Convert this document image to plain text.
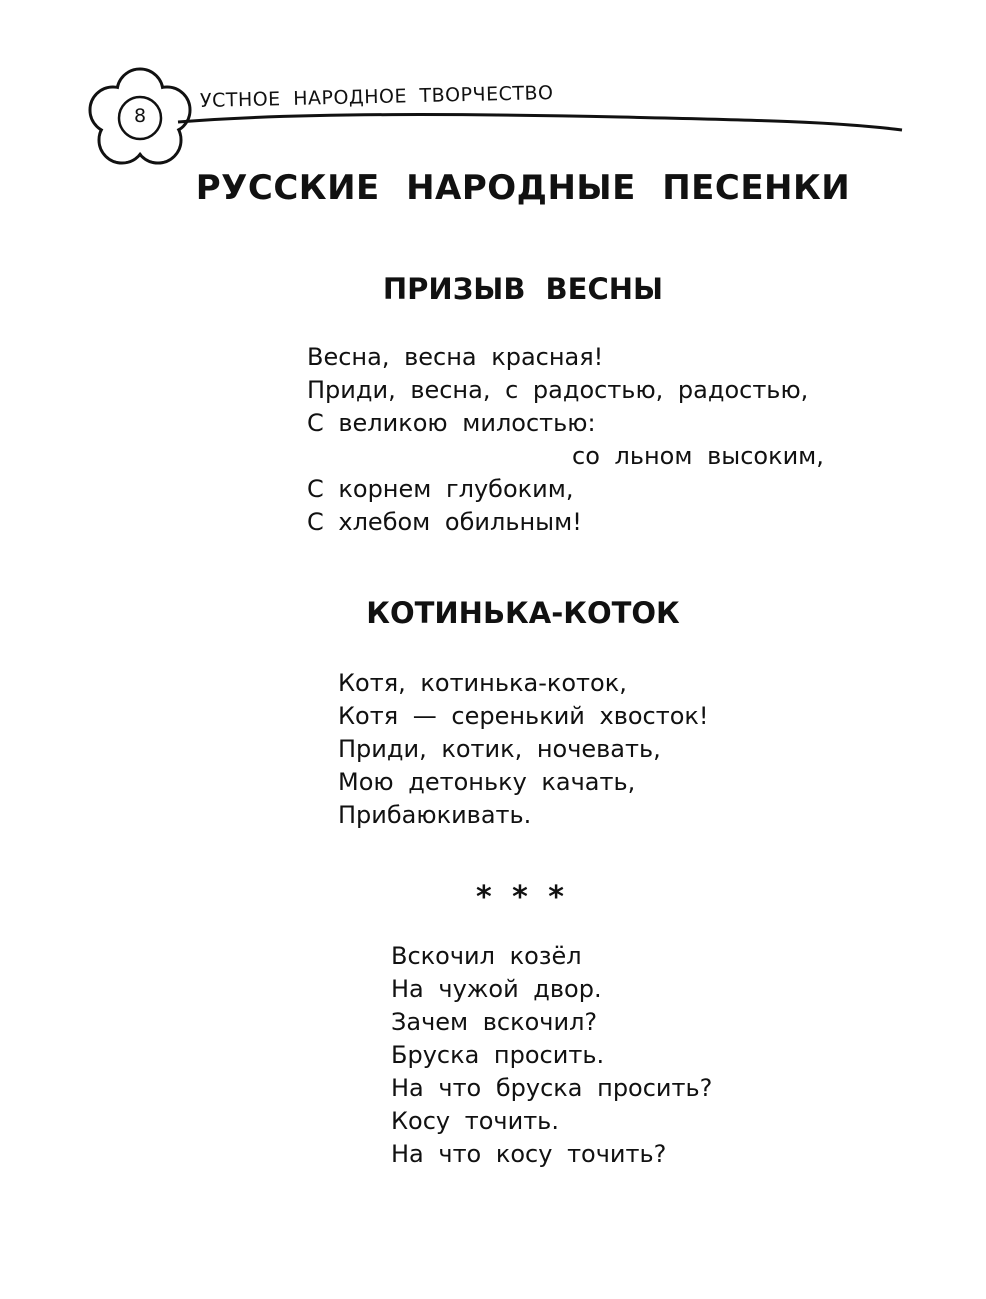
8
УСТНОЕ НАРОДНОЕ ТВОРЧЕСТВО
РУССКИЕ НАРОДНЫЕ ПЕСЕНКИ
ПРИЗЫВ ВЕСНЫ
Весна, весна красная!
Приди, весна, с радостью, радостью,
С великою милостью:
со льном высоким,
С корнем глубоким,
С хлебом обильным!
КОТИНЬКА-КОТОК
Котя, котинька-коток,
Котя — серенький хвосток!
Приди, котик, ночевать,
Мою детоньку качать,
Прибаюкивать.
* * *
Вскочил козёл
На чужой двор.
Зачем вскочил?
Бруска просить.
На что бруска просить?
Косу точить.
На что косу точить?
